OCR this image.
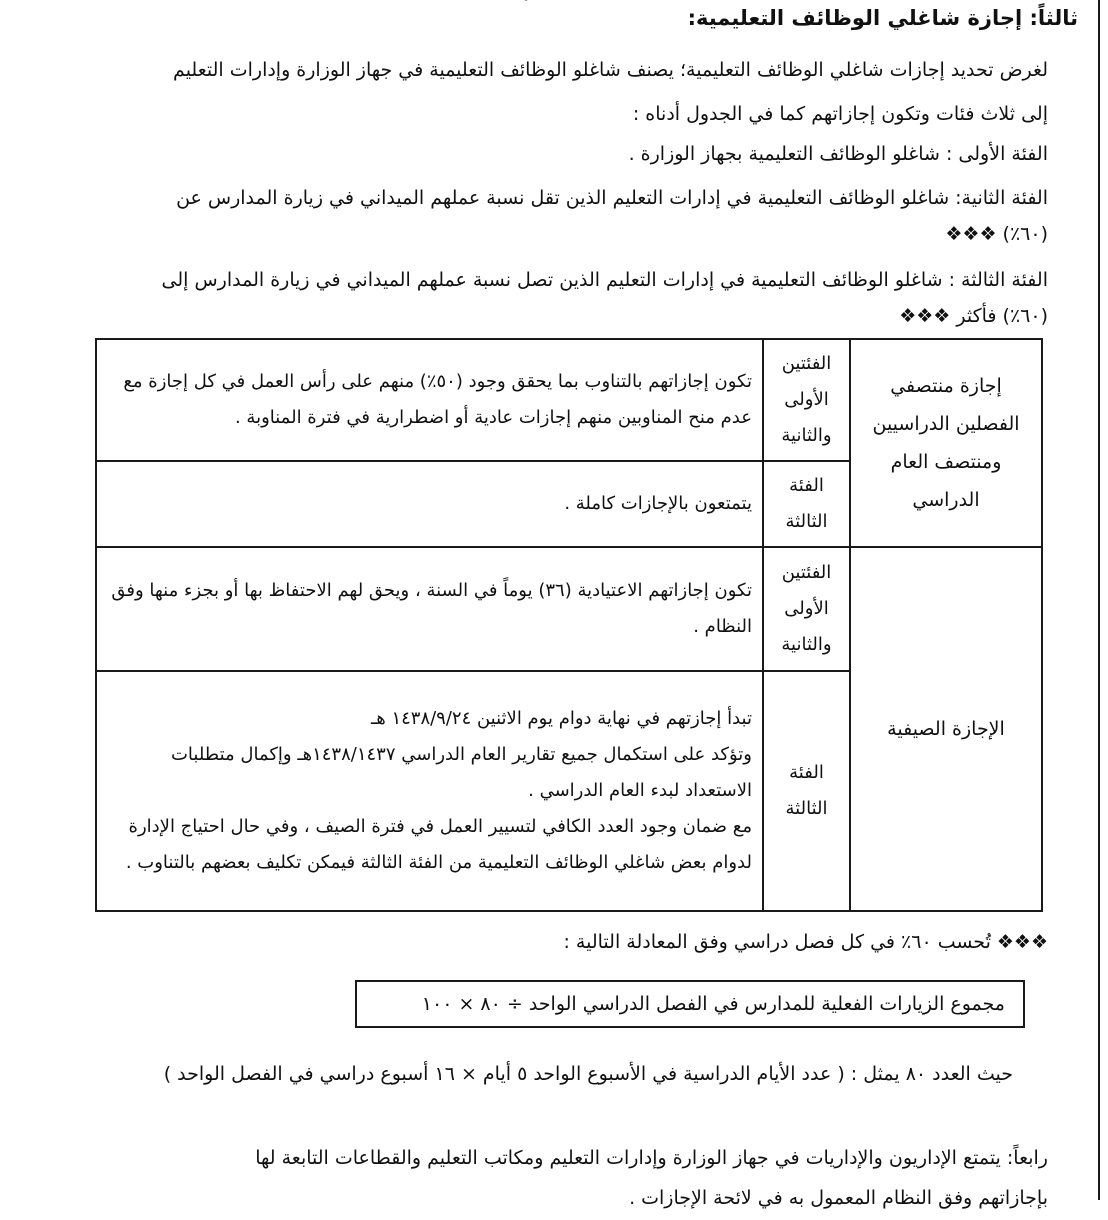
ثالثاً: إجازة شاغلي الوظائف التعليمية:
لغرض تحديد إجازات شاغلي الوظائف التعليمية؛ يصنف شاغلو الوظائف التعليمية في جهاز الوزارة وإدارات التعليم
إلى ثلاث فئات وتكون إجازاتهم كما في الجدول أدناه :
الفئة الأولى : شاغلو الوظائف التعليمية بجهاز الوزارة .
الفئة الثانية: شاغلو الوظائف التعليمية في إدارات التعليم الذين تقل نسبة عملهم الميداني في زيارة المدارس عن
(٦٠٪) ❖❖❖
الفئة الثالثة : شاغلو الوظائف التعليمية في إدارات التعليم الذين تصل نسبة عملهم الميداني في زيارة المدارس إلى
(٦٠٪) فأكثر ❖❖❖
إجازة منتصفي الفصلين الدراسيين ومنتصف العام الدراسي	الفئتين الأولى والثانية	تكون إجازاتهم بالتناوب بما يحقق وجود (٥٠٪) منهم على رأس العمل في كل إجازة مع عدم منح المناوبين منهم إجازات عادية أو اضطرارية في فترة المناوبة .
	الفئة الثالثة	يتمتعون بالإجازات كاملة .
الإجازة الصيفية	الفئتين الأولى والثانية	تكون إجازاتهم الاعتيادية (٣٦) يوماً في السنة ، ويحق لهم الاحتفاظ بها أو بجزء منها وفق النظام .
	الفئة الثالثة	تبدأ إجازتهم في نهاية دوام يوم الاثنين ١٤٣٨/٩/٢٤ هـ

وتؤكد على استكمال جميع تقارير العام الدراسي ١٤٣٨/١٤٣٧هـ وإكمال متطلبات الاستعداد لبدء العام الدراسي .

مع ضمان وجود العدد الكافي لتسيير العمل في فترة الصيف ، وفي حال احتياج الإدارة لدوام بعض شاغلي الوظائف التعليمية من الفئة الثالثة فيمكن تكليف بعضهم بالتناوب .

❖❖❖ تُحسب ٦٠٪ في كل فصل دراسي وفق المعادلة التالية :
مجموع الزيارات الفعلية للمدارس في الفصل الدراسي الواحد ÷ ٨٠ × ١٠٠
حيث العدد ٨٠ يمثل : ( عدد الأيام الدراسية في الأسبوع الواحد ٥ أيام × ١٦ أسبوع دراسي في الفصل الواحد )
رابعاً: يتمتع الإداريون والإداريات في جهاز الوزارة وإدارات التعليم ومكاتب التعليم والقطاعات التابعة لها
بإجازاتهم وفق النظام المعمول به في لائحة الإجازات .
